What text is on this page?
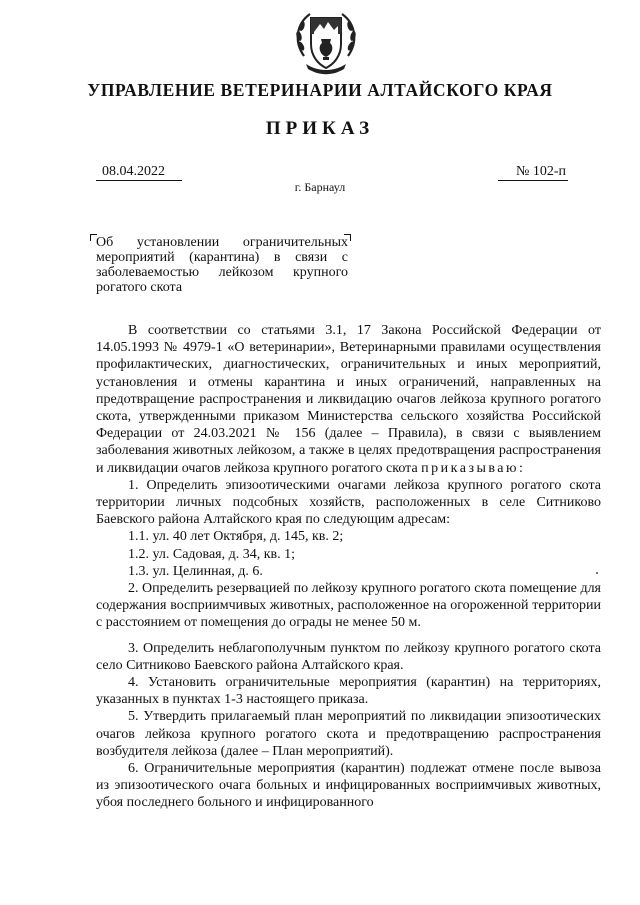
УПРАВЛЕНИЕ ВЕТЕРИНАРИИ АЛТАЙСКОГО КРАЯ
ПРИКАЗ
08.04.2022	№ 102-п
г. Барнаул
Об установлении ограничительных мероприятий (карантина) в связи с заболеваемостью лейкозом крупного рогатого скота

В соответствии со статьями 3.1, 17 Закона Российской Федерации от 14.05.1993 № 4979-1 «О ветеринарии», Ветеринарными правилами осуществления профилактических, диагностических, ограничительных и иных мероприятий, установления и отмены карантина и иных ограничений, направленных на предотвращение распространения и ликвидацию очагов лейкоза крупного рогатого скота, утвержденными приказом Министерства сельского хозяйства Российской Федерации от 24.03.2021 № 156 (далее – Правила), в связи с выявлением заболевания животных лейкозом, а также в целях предотвращения распространения и ликвидации очагов лейкоза крупного рогатого скота приказываю:

1. Определить эпизоотическими очагами лейкоза крупного рогатого скота территории личных подсобных хозяйств, расположенных в селе Ситниково Баевского района Алтайского края по следующим адресам:

1.1. ул. 40 лет Октября, д. 145, кв. 2;

1.2. ул. Садовая, д. 34, кв. 1;

1.3. ул. Целинная, д. 6.

2. Определить резервацией по лейкозу крупного рогатого скота помещение для содержания восприимчивых животных, расположенное на огороженной территории с расстоянием от помещения до ограды не менее 50 м.

3. Определить неблагополучным пунктом по лейкозу крупного рогатого скота село Ситниково Баевского района Алтайского края.

4. Установить ограничительные мероприятия (карантин) на территориях, указанных в пунктах 1-3 настоящего приказа.

5. Утвердить прилагаемый план мероприятий по ликвидации эпизоотических очагов лейкоза крупного рогатого скота и предотвращению распространения возбудителя лейкоза (далее – План мероприятий).

6. Ограничительные мероприятия (карантин) подлежат отмене после вывоза из эпизоотического очага больных и инфицированных восприимчивых животных, убоя последнего больного и инфицированного
